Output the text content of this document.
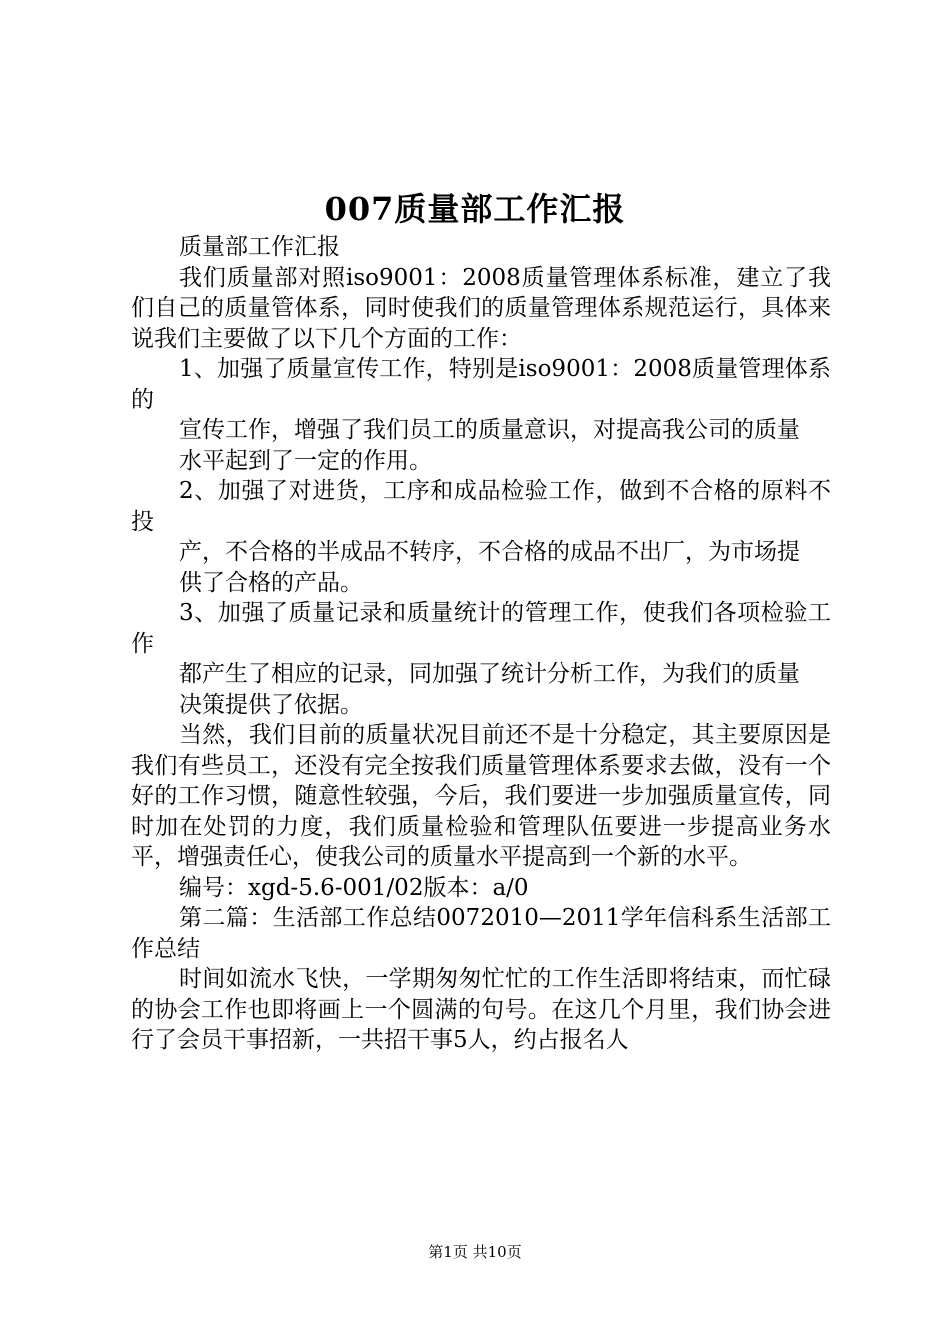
007质量部工作汇报

质量部工作汇报

我们质量部对照iso9001：2008质量管理体系标准，建立了我们自己的质量管体系，同时使我们的质量管理体系规范运行，具体来说我们主要做了以下几个方面的工作：

1、加强了质量宣传工作，特别是iso9001：2008质量管理体系的

宣传工作，增强了我们员工的质量意识，对提高我公司的质量

水平起到了一定的作用。

2、加强了对进货，工序和成品检验工作，做到不合格的原料不投

产，不合格的半成品不转序，不合格的成品不出厂，为市场提

供了合格的产品。

3、加强了质量记录和质量统计的管理工作，使我们各项检验工作

都产生了相应的记录，同加强了统计分析工作，为我们的质量

决策提供了依据。

当然，我们目前的质量状况目前还不是十分稳定，其主要原因是我们有些员工，还没有完全按我们质量管理体系要求去做，没有一个好的工作习惯，随意性较强，今后，我们要进一步加强质量宣传，同时加在处罚的力度，我们质量检验和管理队伍要进一步提高业务水平，增强责任心，使我公司的质量水平提高到一个新的水平。

编号：xgd-5.6-001/02版本：a/0

第二篇：生活部工作总结0072010—2011学年信科系生活部工作总结

时间如流水飞快，一学期匆匆忙忙的工作生活即将结束，而忙碌的协会工作也即将画上一个圆满的句号。在这几个月里，我们协会进行了会员干事招新，一共招干事5人，约占报名人

第1页 共10页
